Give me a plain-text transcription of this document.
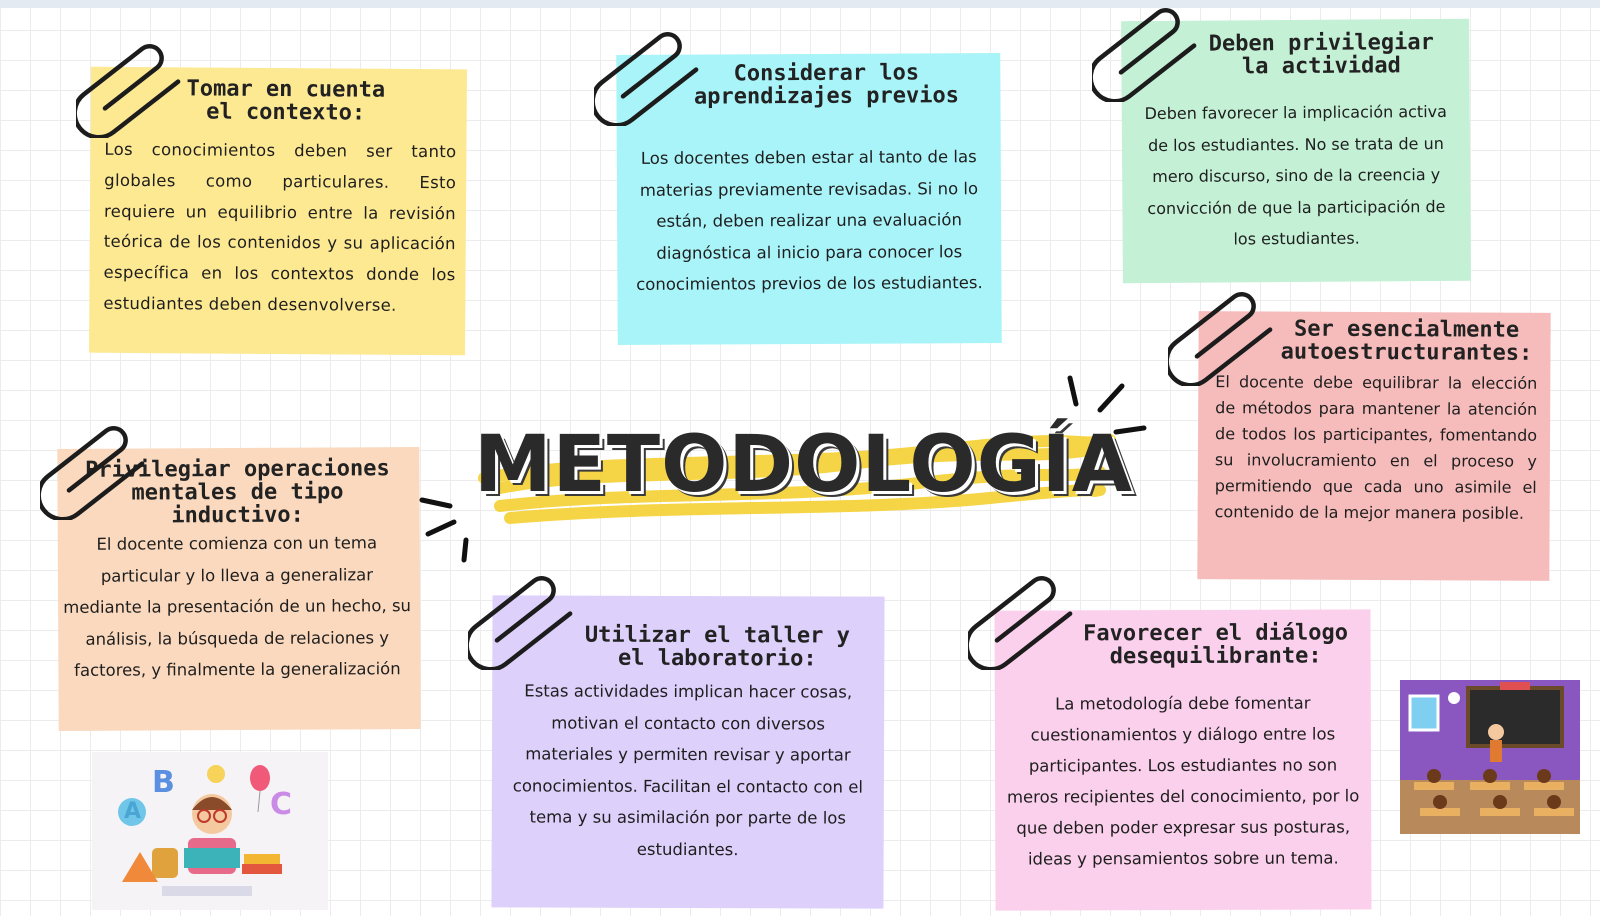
Tomar en cuenta el contexto:
Los conocimientos deben ser tanto globales como particulares. Esto requiere un equilibrio entre la revisión teórica de los contenidos y su aplicación específica en los contextos donde los estudiantes deben desenvolverse.
Considerar los aprendizajes previos
Los docentes deben estar al tanto de las materias previamente revisadas. Si no lo están, deben realizar una evaluación diagnóstica al inicio para conocer los conocimientos previos de los estudiantes.
Deben privilegiar la actividad
Deben favorecer la implicación activa de los estudiantes. No se trata de un mero discurso, sino de la creencia y convicción de que la participación de los estudiantes.
Ser esencialmente autoestructurantes:
El docente debe equilibrar la elección de métodos para mantener la atención de todos los participantes, fomentando su involucramiento en el proceso y permitiendo que cada uno asimile el contenido de la mejor manera posible.
Privilegiar operaciones mentales de tipo inductivo:
El docente comienza con un tema particular y lo lleva a generalizar mediante la presentación de un hecho, su análisis, la búsqueda de relaciones y factores, y finalmente la generalización
Utilizar el taller y el laboratorio:
Estas actividades implican hacer cosas, motivan el contacto con diversos materiales y permiten revisar y aportar conocimientos. Facilitan el contacto con el tema y su asimilación por parte de los estudiantes.
Favorecer el diálogo desequilibrante:
La metodología debe fomentar cuestionamientos y diálogo entre los participantes. Los estudiantes no son meros recipientes del conocimiento, por lo que deben poder expresar sus posturas, ideas y pensamientos sobre un tema.
METODOLOGÍA
A
B
C
